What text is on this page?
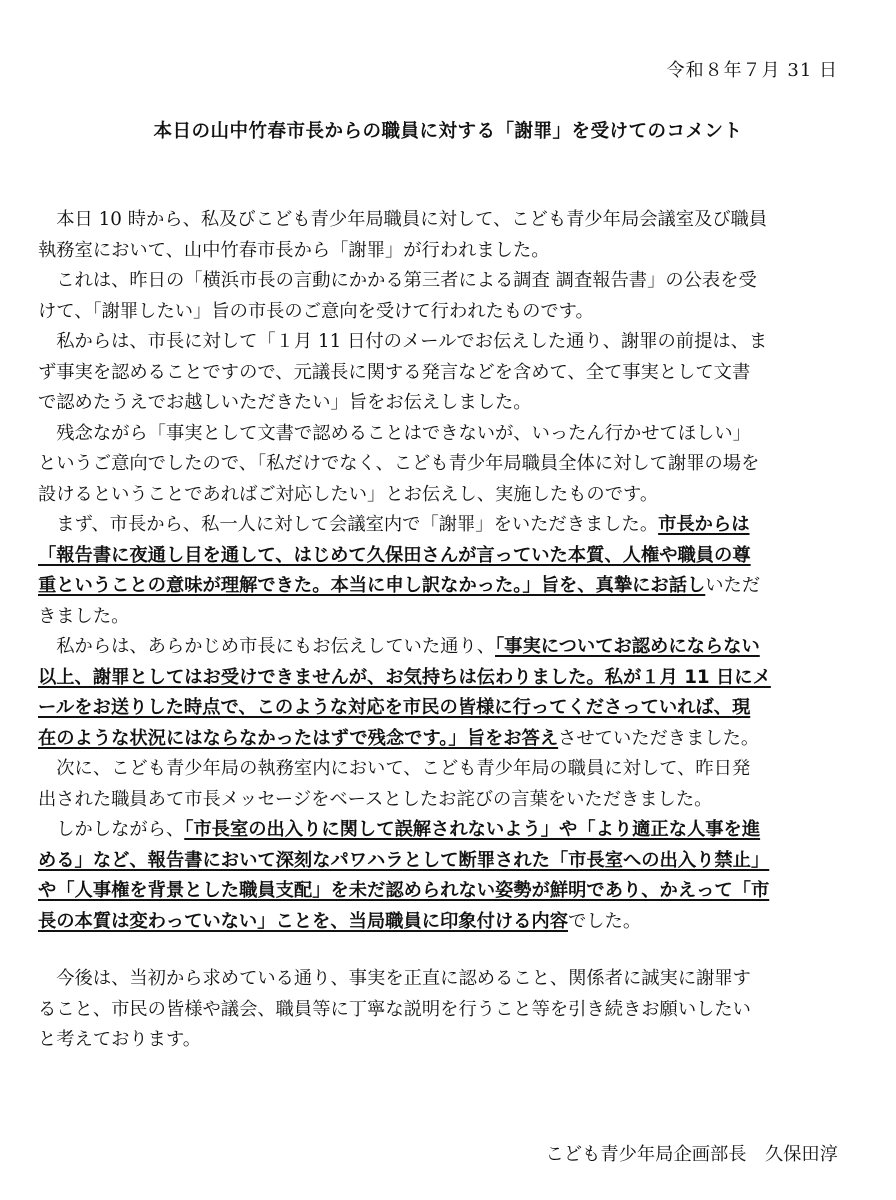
令和８年７月 31 日
本日の山中竹春市長からの職員に対する「謝罪」を受けてのコメント
　本日 10 時から、私及びこども青少年局職員に対して、こども青少年局会議室及び職員
執務室において、山中竹春市長から「謝罪」が行われました。
　これは、昨日の「横浜市長の言動にかかる第三者による調査 調査報告書」の公表を受
けて、「謝罪したい」旨の市長のご意向を受けて行われたものです。
　私からは、市長に対して「１月 11 日付のメールでお伝えした通り、謝罪の前提は、ま
ず事実を認めることですので、元議長に関する発言などを含めて、全て事実として文書
で認めたうえでお越しいただきたい」旨をお伝えしました。
　残念ながら「事実として文書で認めることはできないが、いったん行かせてほしい」
というご意向でしたので、「私だけでなく、こども青少年局職員全体に対して謝罪の場を
設けるということであればご対応したい」とお伝えし、実施したものです。
　まず、市長から、私一人に対して会議室内で「謝罪」をいただきました。市長からは
「報告書に夜通し目を通して、はじめて久保田さんが言っていた本質、人権や職員の尊
重ということの意味が理解できた。本当に申し訳なかった。」旨を、真摯にお話しいただ
きました。
　私からは、あらかじめ市長にもお伝えしていた通り、「事実についてお認めにならない
以上、謝罪としてはお受けできませんが、お気持ちは伝わりました。私が１月 11 日にメ
ールをお送りした時点で、このような対応を市民の皆様に行ってくださっていれば、現
在のような状況にはならなかったはずで残念です。」旨をお答えさせていただきました。
　次に、こども青少年局の執務室内において、こども青少年局の職員に対して、昨日発
出された職員あて市長メッセージをベースとしたお詫びの言葉をいただきました。
　しかしながら、「市長室の出入りに関して誤解されないよう」や「より適正な人事を進
める」など、報告書において深刻なパワハラとして断罪された「市長室への出入り禁止」
や「人事権を背景とした職員支配」を未だ認められない姿勢が鮮明であり、かえって「市
長の本質は変わっていない」ことを、当局職員に印象付ける内容でした。
　今後は、当初から求めている通り、事実を正直に認めること、関係者に誠実に謝罪す
ること、市民の皆様や議会、職員等に丁寧な説明を行うこと等を引き続きお願いしたい
と考えております。
こども青少年局企画部長　久保田淳
